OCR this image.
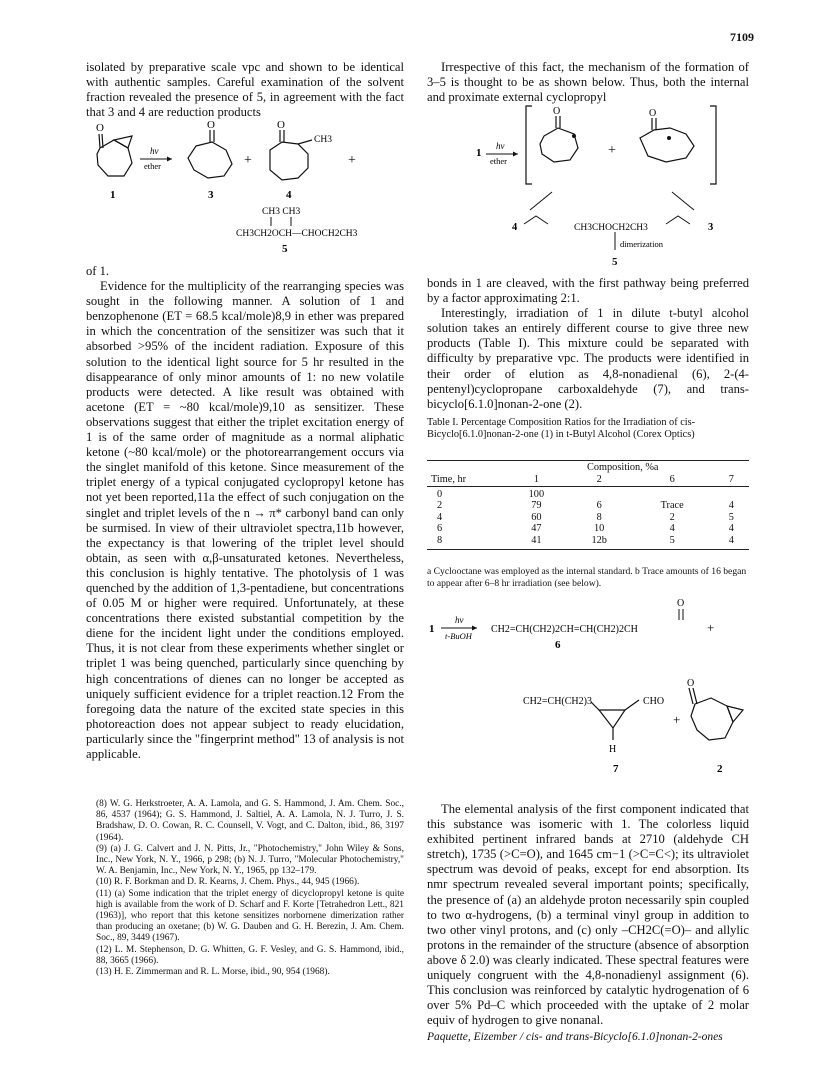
7109

isolated by preparative scale vpc and shown to be identical with authentic samples. Careful examination of the solvent fraction revealed the presence of 5, in agreement with the fact that 3 and 4 are reduction products

O
hν
ether
O
+
O
CH3
+
1	3	4
CH3 CH3
CH3CH2OCH—CHOCH2CH3
5

of 1.

Evidence for the multiplicity of the rearranging species was sought in the following manner. A solution of 1 and benzophenone (ET = 68.5 kcal/mole)8,9 in ether was prepared in which the concentration of the sensitizer was such that it absorbed >95% of the incident radiation. Exposure of this solution to the identical light source for 5 hr resulted in the disappearance of only minor amounts of 1: no new volatile products were detected. A like result was obtained with acetone (ET = ~80 kcal/mole)9,10 as sensitizer. These observations suggest that either the triplet excitation energy of 1 is of the same order of magnitude as a normal aliphatic ketone (~80 kcal/mole) or the photorearrangement occurs via the singlet manifold of this ketone. Since measurement of the triplet energy of a typical conjugated cyclopropyl ketone has not yet been reported,11a the effect of such conjugation on the singlet and triplet levels of the n → π* carbonyl band can only be surmised. In view of their ultraviolet spectra,11b however, the expectancy is that lowering of the triplet level should obtain, as seen with α,β-unsaturated ketones. Nevertheless, this conclusion is highly tentative. The photolysis of 1 was quenched by the addition of 1,3-pentadiene, but concentrations of 0.05 M or higher were required. Unfortunately, at these concentrations there existed substantial competition by the diene for the incident light under the conditions employed. Thus, it is not clear from these experiments whether singlet or triplet 1 was being quenched, particularly since quenching by high concentrations of dienes can no longer be accepted as uniquely sufficient evidence for a triplet reaction.12 From the foregoing data the nature of the excited state species in this photoreaction does not appear subject to ready elucidation, particularly since the "fingerprint method" 13 of analysis is not applicable.

(8) W. G. Herkstroeter, A. A. Lamola, and G. S. Hammond, J. Am. Chem. Soc., 86, 4537 (1964); G. S. Hammond, J. Saltiel, A. A. Lamola, N. J. Turro, J. S. Bradshaw, D. O. Cowan, R. C. Counsell, V. Vogt, and C. Dalton, ibid., 86, 3197 (1964).

(9) (a) J. G. Calvert and J. N. Pitts, Jr., "Photochemistry," John Wiley & Sons, Inc., New York, N. Y., 1966, p 298; (b) N. J. Turro, "Molecular Photochemistry," W. A. Benjamin, Inc., New York, N. Y., 1965, pp 132–179.

(10) R. F. Borkman and D. R. Kearns, J. Chem. Phys., 44, 945 (1966).

(11) (a) Some indication that the triplet energy of dicyclopropyl ketone is quite high is available from the work of D. Scharf and F. Korte [Tetrahedron Lett., 821 (1963)], who report that this ketone sensitizes norbornene dimerization rather than producing an oxetane; (b) W. G. Dauben and G. H. Berezin, J. Am. Chem. Soc., 89, 3449 (1967).

(12) L. M. Stephenson, D. G. Whitten, G. F. Vesley, and G. S. Hammond, ibid., 88, 3665 (1966).

(13) H. E. Zimmerman and R. L. Morse, ibid., 90, 954 (1968).

Irrespective of this fact, the mechanism of the formation of 3–5 is thought to be as shown below. Thus, both the internal and proximate external cyclopropyl

1
hν
ether
O	O
+
4	CH3CHOCH2CH3
dimerization
3
5

bonds in 1 are cleaved, with the first pathway being preferred by a factor approximating 2:1.

Interestingly, irradiation of 1 in dilute t-butyl alcohol solution takes an entirely different course to give three new products (Table I). This mixture could be separated with difficulty by preparative vpc. The products were identified in their order of elution as 4,8-nonadienal (6), 2-(4-pentenyl)cyclopropane carboxaldehyde (7), and trans-bicyclo[6.1.0]nonan-2-one (2).

Table I. Percentage Composition Ratios for the Irradiation of cis-Bicyclo[6.1.0]nonan-2-one (1) in t-Butyl Alcohol (Corex Optics)
Composition, %a
Time, hr	1	2	6	7

0	100			
2	79	6	Trace	4
4	60	8	2	5
6	47	10	4	4
8	41	12b	5	4
a Cyclooctane was employed as the internal standard. b Trace amounts of 16 began to appear after 6–8 hr irradiation (see below).
1
hν
t-BuOH
O
CH2=CH(CH2)2CH=CH(CH2)2CH	+
6
CH2=CH(CH2)3	CHO
H
7
+
O
2

The elemental analysis of the first component indicated that this substance was isomeric with 1. The colorless liquid exhibited pertinent infrared bands at 2710 (aldehyde CH stretch), 1735 (>C=O), and 1645 cm−1 (>C=C<); its ultraviolet spectrum was devoid of peaks, except for end absorption. Its nmr spectrum revealed several important points; specifically, the presence of (a) an aldehyde proton necessarily spin coupled to two α-hydrogens, (b) a terminal vinyl group in addition to two other vinyl protons, and (c) only –CH2C(=O)– and allylic protons in the remainder of the structure (absence of absorption above δ 2.0) was clearly indicated. These spectral features were uniquely congruent with the 4,8-nonadienyl assignment (6). This conclusion was reinforced by catalytic hydrogenation of 6 over 5% Pd–C which proceeded with the uptake of 2 molar equiv of hydrogen to give nonanal.

Paquette, Eizember / cis- and trans-Bicyclo[6.1.0]nonan-2-ones
